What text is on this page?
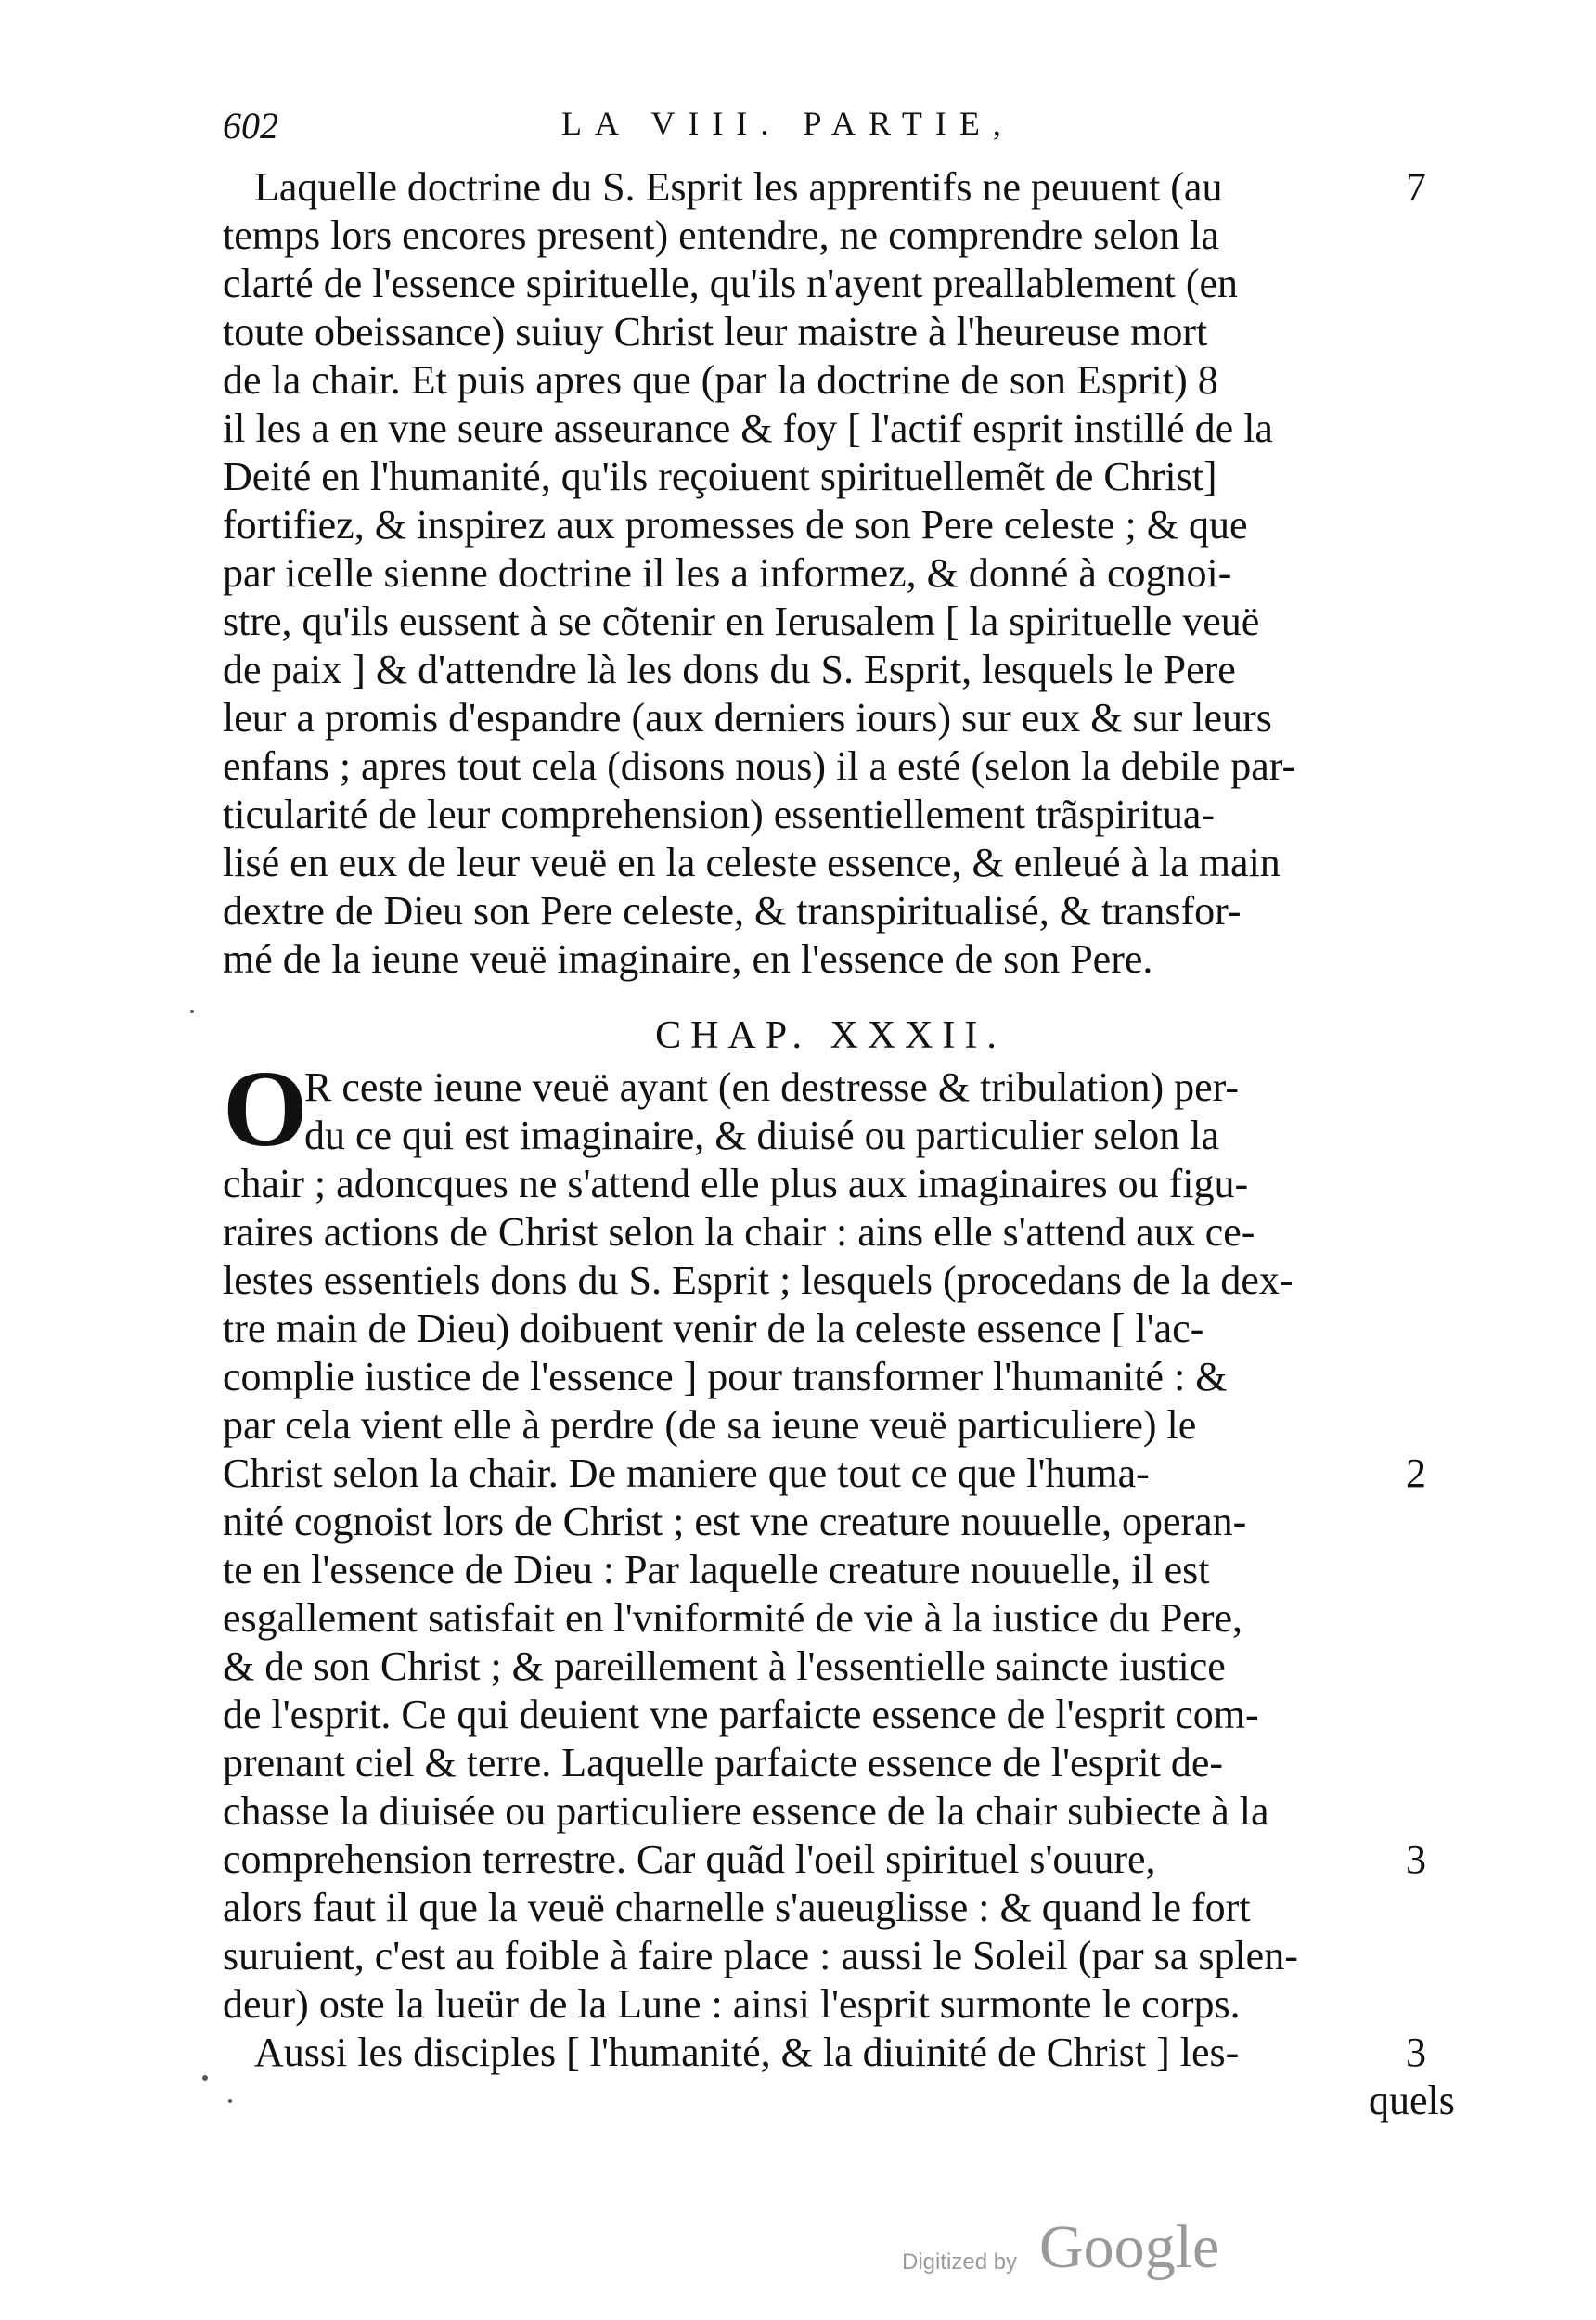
602	LA VIII. PARTIE,
Laquelle doctrine du S. Esprit les apprentifs ne peuuent (au
temps lors encores present) entendre, ne comprendre selon la
clarté de l'essence spirituelle, qu'ils n'ayent preallablement (en
toute obeissance) suiuy Christ leur maistre à l'heureuse mort
de la chair. Et puis apres que (par la doctrine de son Esprit) 8
il les a en vne seure asseurance & foy [ l'actif esprit instillé de la
Deité en l'humanité, qu'ils reçoiuent spirituellemẽt de Christ]
fortifiez, & inspirez aux promesses de son Pere celeste ; & que
par icelle sienne doctrine il les a informez, & donné à cognoi-
stre, qu'ils eussent à se cõtenir en Ierusalem [ la spirituelle veuë
de paix ] & d'attendre là les dons du S. Esprit, lesquels le Pere
leur a promis d'espandre (aux derniers iours) sur eux & sur leurs
enfans ; apres tout cela (disons nous) il a esté (selon la debile par-
ticularité de leur comprehension) essentiellement trãspiritua-
lisé en eux de leur veuë en la celeste essence, & enleué à la main
dextre de Dieu son Pere celeste, & transpiritualisé, & transfor-
mé de la ieune veuë imaginaire, en l'essence de son Pere.
7
CHAP. XXXII.
O
R ceste ieune veuë ayant (en destresse & tribulation) per-
du ce qui est imaginaire, & diuisé ou particulier selon la
chair ; adoncques ne s'attend elle plus aux imaginaires ou figu-
raires actions de Christ selon la chair : ains elle s'attend aux ce-
lestes essentiels dons du S. Esprit ; lesquels (procedans de la dex-
tre main de Dieu) doibuent venir de la celeste essence [ l'ac-
complie iustice de l'essence ] pour transformer l'humanité : &
par cela vient elle à perdre (de sa ieune veuë particuliere) le
Christ selon la chair. De maniere que tout ce que l'huma-
nité cognoist lors de Christ ; est vne creature nouuelle, operan-
te en l'essence de Dieu : Par laquelle creature nouuelle, il est
esgallement satisfait en l'vniformité de vie à la iustice du Pere,
& de son Christ ; & pareillement à l'essentielle saincte iustice
de l'esprit. Ce qui deuient vne parfaicte essence de l'esprit com-
prenant ciel & terre. Laquelle parfaicte essence de l'esprit de-
chasse la diuisée ou particuliere essence de la chair subiecte à la
comprehension terrestre. Car quãd l'oeil spirituel s'ouure,
alors faut il que la veuë charnelle s'aueuglisse : & quand le fort
suruient, c'est au foible à faire place : aussi le Soleil (par sa splen-
deur) oste la lueür de la Lune : ainsi l'esprit surmonte le corps.
Aussi les disciples [ l'humanité, & la diuinité de Christ ] les-
quels
2
3
3
Digitized by Google
